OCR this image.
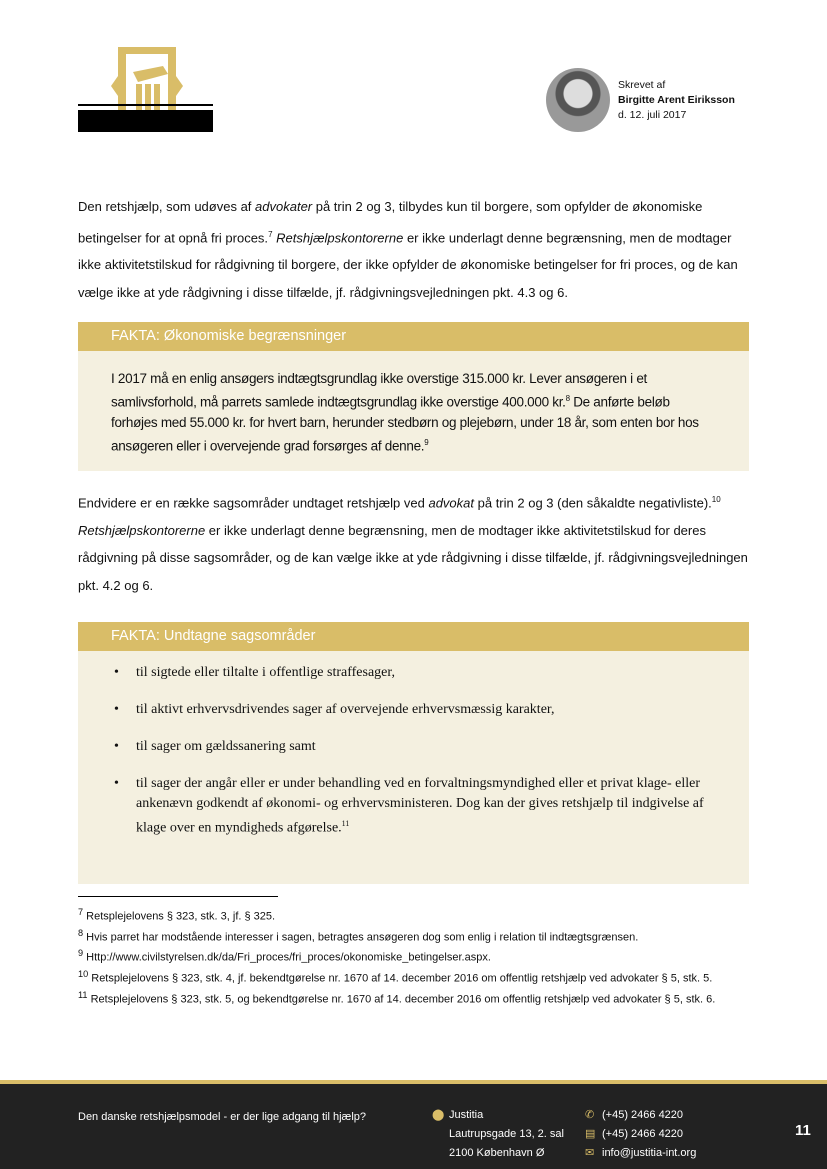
Skrevet af
Birgitte Arent Eiriksson
d. 12. juli 2017

Den retshjælp, som udøves af advokater på trin 2 og 3, tilbydes kun til borgere, som opfylder de økonomiske betingelser for at opnå fri proces.$^7$ Retshjælpskontorerne er ikke underlagt denne begrænsning, men de modtager ikke aktivitetstilskud for rådgivning til borgere, der ikke opfylder de økonomiske betingelser for fri proces, og de kan vælge ikke at yde rådgivning i disse tilfælde, jf. rådgivningsvejledningen pkt. 4.3 og 6.

FAKTA: Økonomiske begrænsninger

I 2017 må en enlig ansøgers indtægtsgrundlag ikke overstige 315.000 kr. Lever ansøgeren i et samlivsforhold, må parrets samlede indtægtsgrundlag ikke overstige 400.000 kr.$^8$ De anførte beløb forhøjes med 55.000 kr. for hvert barn, herunder stedbørn og plejebørn, under 18 år, som enten bor hos ansøgeren eller i overvejende grad forsørges af denne.$^9$

Endvidere er en række sagsområder undtaget retshjælp ved advokat på trin 2 og 3 (den såkaldte negativliste).$^{10}$ Retshjælpskontorerne er ikke underlagt denne begrænsning, men de modtager ikke aktivitetstilskud for deres rådgivning på disse sagsområder, og de kan vælge ikke at yde rådgivning i disse tilfælde, jf. rådgivningsvejledningen pkt. 4.2 og 6.

FAKTA: Undtagne sagsområder
• til sigtede eller tiltalte i offentlige straffesager,
• til aktivt erhvervsdrivendes sager af overvejende erhvervsmæssig karakter,
• til sager om gældssanering samt
• til sager der angår eller er under behandling ved en forvaltningsmyndighed eller et privat klage- eller ankenævn godkendt af økonomi- og erhvervsministeren. Dog kan der gives retshjælp til indgivelse af klage over en myndigheds afgørelse.$^{11}$
$^7$ Retsplejelovens § 323, stk. 3, jf. § 325.
$^8$ Hvis parret har modstående interesser i sagen, betragtes ansøgeren dog som enlig i relation til indtægtsgrænsen.
$^9$ Http://www.civilstyrelsen.dk/da/Fri_proces/fri_proces/okonomiske_betingelser.aspx.
$^{10}$ Retsplejelovens § 323, stk. 4, jf. bekendtgørelse nr. 1670 af 14. december 2016 om offentlig retshjælp ved advokater § 5, stk. 5.
$^{11}$ Retsplejelovens § 323, stk. 5, og bekendtgørelse nr. 1670 af 14. december 2016 om offentlig retshjælp ved advokater § 5, stk. 6.
Den danske retshjælpsmodel - er der lige adgang til hjælp?	⬤ Justitia
Lautrupsgade 13, 2. sal
2100 København Ø
✆ (+45) 2466 4220
▤ (+45) 2466 4220
✉ info@justitia-int.org
11
